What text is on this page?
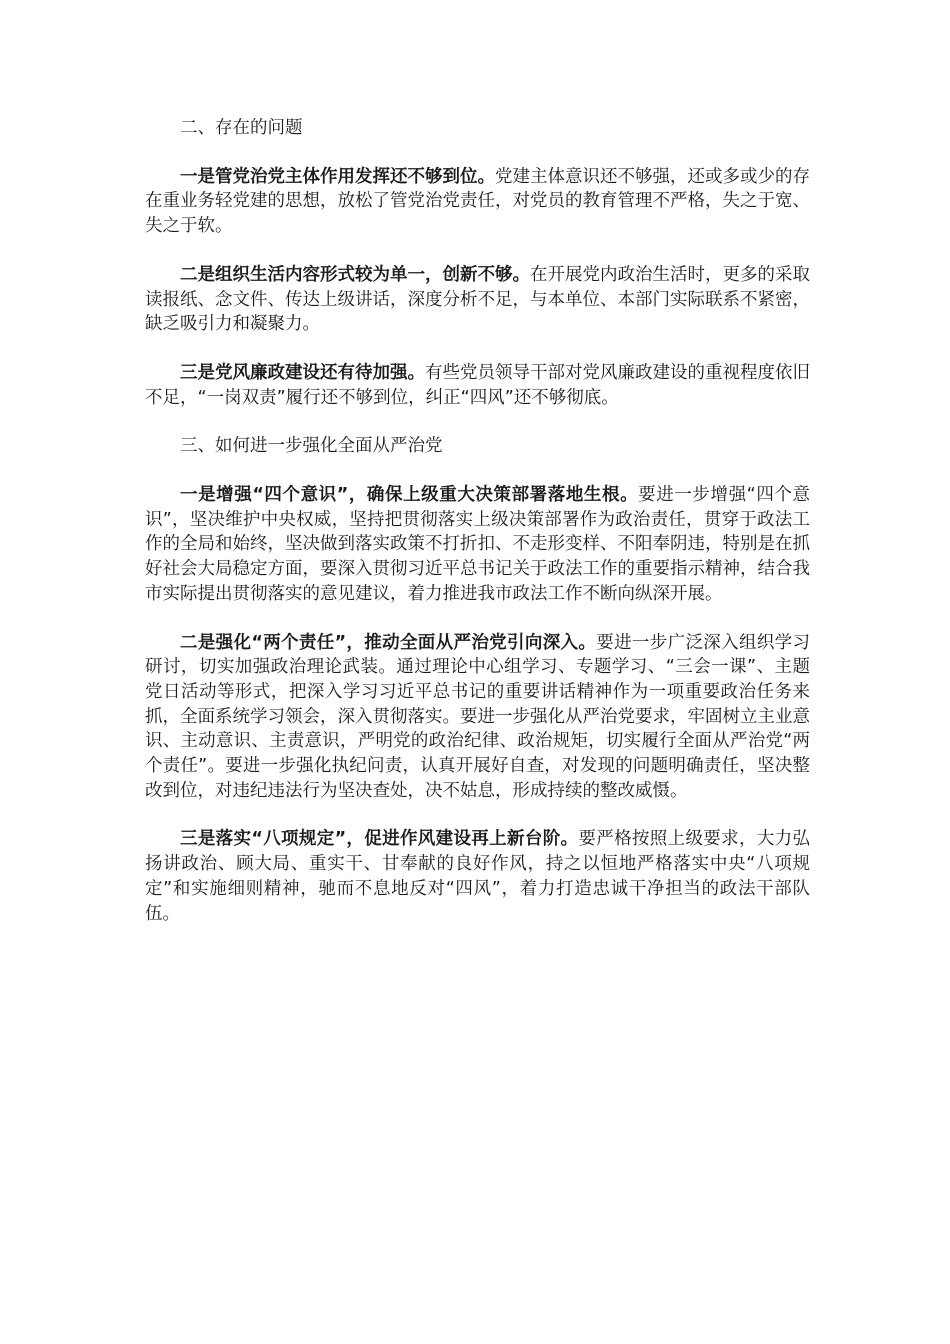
二、存在的问题

一是管党治党主体作用发挥还不够到位。党建主体意识还不够强，还或多或少的存在重业务轻党建的思想，放松了管党治党责任，对党员的教育管理不严格，失之于宽、失之于软。

二是组织生活内容形式较为单一，创新不够。在开展党内政治生活时，更多的采取读报纸、念文件、传达上级讲话，深度分析不足，与本单位、本部门实际联系不紧密，缺乏吸引力和凝聚力。

三是党风廉政建设还有待加强。有些党员领导干部对党风廉政建设的重视程度依旧不足，“一岗双责”履行还不够到位，纠正“四风”还不够彻底。

三、如何进一步强化全面从严治党

一是增强“四个意识”，确保上级重大决策部署落地生根。要进一步增强“四个意识”，坚决维护中央权威，坚持把贯彻落实上级决策部署作为政治责任，贯穿于政法工作的全局和始终，坚决做到落实政策不打折扣、不走形变样、不阳奉阴违，特别是在抓好社会大局稳定方面，要深入贯彻习近平总书记关于政法工作的重要指示精神，结合我市实际提出贯彻落实的意见建议，着力推进我市政法工作不断向纵深开展。

二是强化“两个责任”，推动全面从严治党引向深入。要进一步广泛深入组织学习研讨，切实加强政治理论武装。通过理论中心组学习、专题学习、“三会一课”、主题党日活动等形式，把深入学习习近平总书记的重要讲话精神作为一项重要政治任务来抓，全面系统学习领会，深入贯彻落实。要进一步强化从严治党要求，牢固树立主业意识、主动意识、主责意识，严明党的政治纪律、政治规矩，切实履行全面从严治党“两个责任”。要进一步强化执纪问责，认真开展好自查，对发现的问题明确责任，坚决整改到位，对违纪违法行为坚决查处，决不姑息，形成持续的整改威慑。

三是落实“八项规定”，促进作风建设再上新台阶。要严格按照上级要求，大力弘扬讲政治、顾大局、重实干、甘奉献的良好作风，持之以恒地严格落实中央“八项规定”和实施细则精神，驰而不息地反对“四风”，着力打造忠诚干净担当的政法干部队伍。
